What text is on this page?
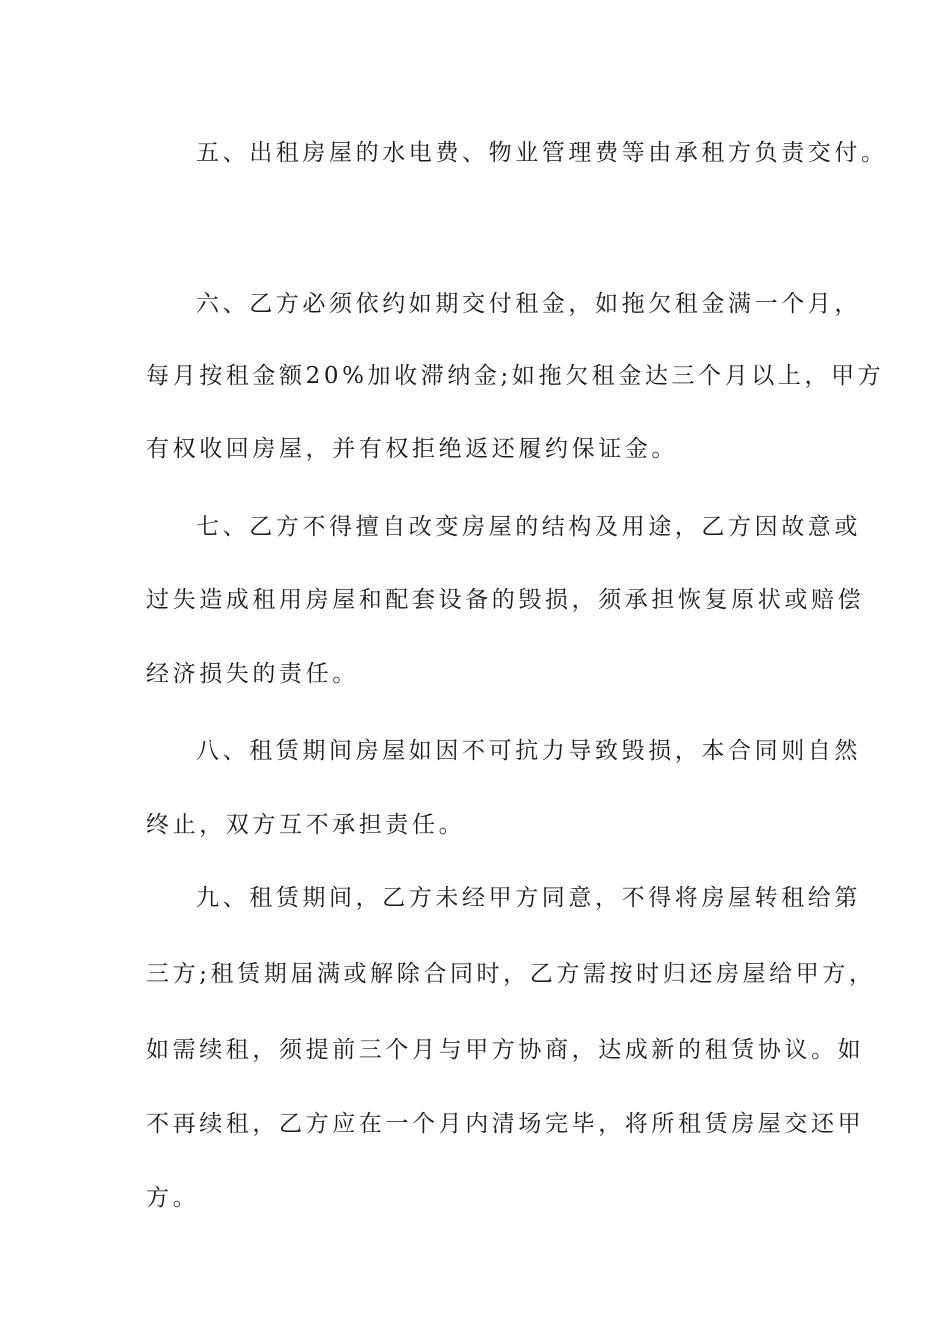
五、出租房屋的水电费、物业管理费等由承租方负责交付。
六、乙方必须依约如期交付租金，如拖欠租金满一个月，
每月按租金额20%加收滞纳金;如拖欠租金达三个月以上，甲方
有权收回房屋，并有权拒绝返还履约保证金。
七、乙方不得擅自改变房屋的结构及用途，乙方因故意或
过失造成租用房屋和配套设备的毁损，须承担恢复原状或赔偿
经济损失的责任。
八、租赁期间房屋如因不可抗力导致毁损，本合同则自然
终止，双方互不承担责任。
九、租赁期间，乙方未经甲方同意，不得将房屋转租给第
三方;租赁期届满或解除合同时，乙方需按时归还房屋给甲方，
如需续租，须提前三个月与甲方协商，达成新的租赁协议。如
不再续租，乙方应在一个月内清场完毕，将所租赁房屋交还甲
方。
